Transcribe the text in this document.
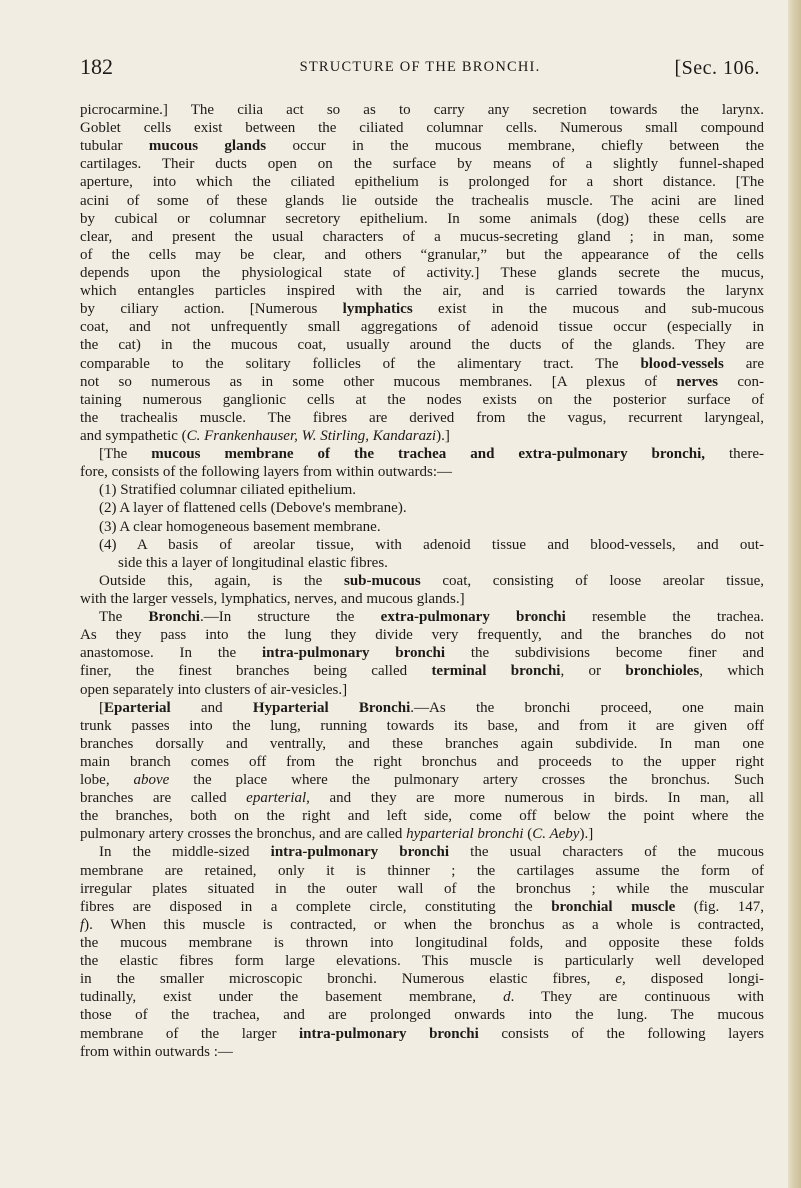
182	STRUCTURE OF THE BRONCHI.	[Sec. 106.
picrocarmine.] The cilia act so as to carry any secretion towards the larynx.
Goblet cells exist between the ciliated columnar cells. Numerous small compound
tubular mucous glands occur in the mucous membrane, chiefly between the
cartilages. Their ducts open on the surface by means of a slightly funnel-shaped
aperture, into which the ciliated epithelium is prolonged for a short distance. [The
acini of some of these glands lie outside the trachealis muscle. The acini are lined
by cubical or columnar secretory epithelium. In some animals (dog) these cells are
clear, and present the usual characters of a mucus-secreting gland ; in man, some
of the cells may be clear, and others “granular,” but the appearance of the cells
depends upon the physiological state of activity.] These glands secrete the mucus,
which entangles particles inspired with the air, and is carried towards the larynx
by ciliary action. [Numerous lymphatics exist in the mucous and sub-mucous
coat, and not unfrequently small aggregations of adenoid tissue occur (especially in
the cat) in the mucous coat, usually around the ducts of the glands. They are
comparable to the solitary follicles of the alimentary tract. The blood-vessels are
not so numerous as in some other mucous membranes. [A plexus of nerves con-
taining numerous ganglionic cells at the nodes exists on the posterior surface of
the trachealis muscle. The fibres are derived from the vagus, recurrent laryngeal,
and sympathetic (C. Frankenhauser, W. Stirling, Kandarazi).]
[The mucous membrane of the trachea and extra-pulmonary bronchi, there-
fore, consists of the following layers from within outwards:—
(1) Stratified columnar ciliated epithelium.
(2) A layer of flattened cells (Debove's membrane).
(3) A clear homogeneous basement membrane.
(4) A basis of areolar tissue, with adenoid tissue and blood-vessels, and out-
side this a layer of longitudinal elastic fibres.
Outside this, again, is the sub-mucous coat, consisting of loose areolar tissue,
with the larger vessels, lymphatics, nerves, and mucous glands.]
The Bronchi.—In structure the extra-pulmonary bronchi resemble the trachea.
As they pass into the lung they divide very frequently, and the branches do not
anastomose. In the intra-pulmonary bronchi the subdivisions become finer and
finer, the finest branches being called terminal bronchi, or bronchioles, which
open separately into clusters of air-vesicles.]
[Eparterial and Hyparterial Bronchi.—As the bronchi proceed, one main
trunk passes into the lung, running towards its base, and from it are given off
branches dorsally and ventrally, and these branches again subdivide. In man one
main branch comes off from the right bronchus and proceeds to the upper right
lobe, above the place where the pulmonary artery crosses the bronchus. Such
branches are called eparterial, and they are more numerous in birds. In man, all
the branches, both on the right and left side, come off below the point where the
pulmonary artery crosses the bronchus, and are called hyparterial bronchi (C. Aeby).]
In the middle-sized intra-pulmonary bronchi the usual characters of the mucous
membrane are retained, only it is thinner ; the cartilages assume the form of
irregular plates situated in the outer wall of the bronchus ; while the muscular
fibres are disposed in a complete circle, constituting the bronchial muscle (fig. 147,
f). When this muscle is contracted, or when the bronchus as a whole is contracted,
the mucous membrane is thrown into longitudinal folds, and opposite these folds
the elastic fibres form large elevations. This muscle is particularly well developed
in the smaller microscopic bronchi. Numerous elastic fibres, e, disposed longi-
tudinally, exist under the basement membrane, d. They are continuous with
those of the trachea, and are prolonged onwards into the lung. The mucous
membrane of the larger intra-pulmonary bronchi consists of the following layers
from within outwards :—
